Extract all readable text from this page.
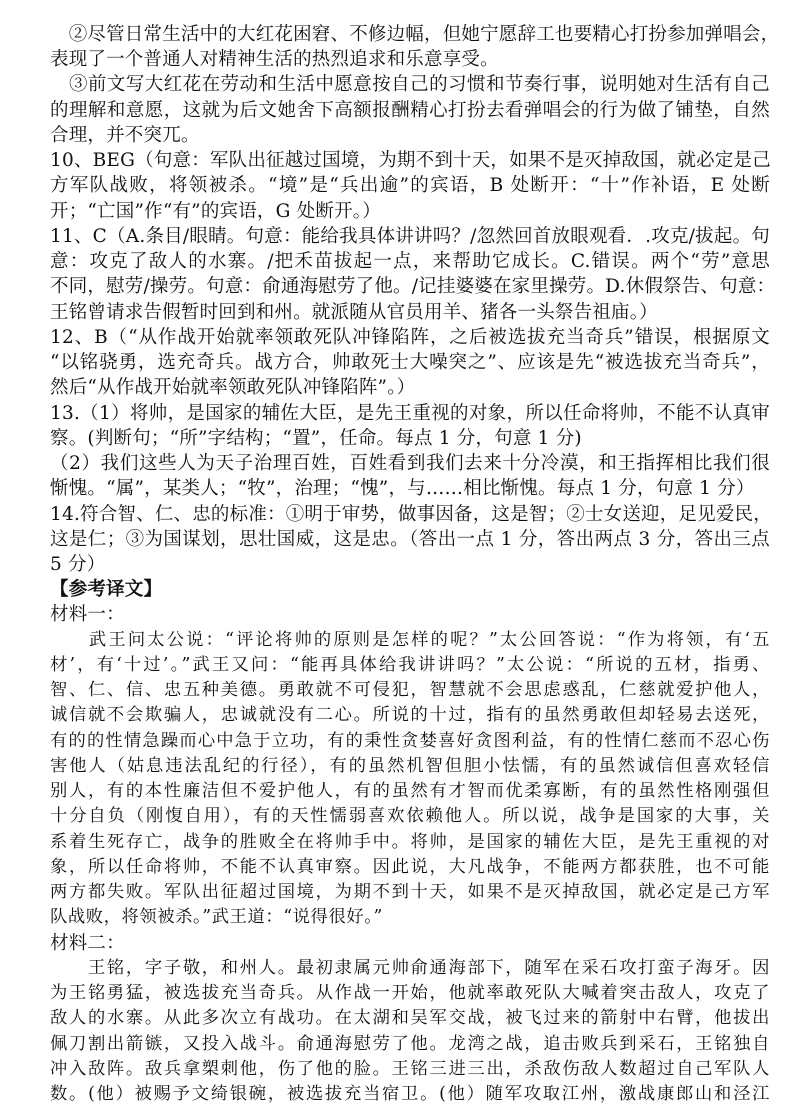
　②尽管日常生活中的大红花困窘、不修边幅，但她宁愿辞工也要精心打扮参加弹唱会，
表现了一个普通人对精神生活的热烈追求和乐意享受。
　③前文写大红花在劳动和生活中愿意按自己的习惯和节奏行事，说明她对生活有自己
的理解和意愿，这就为后文她舍下高额报酬精心打扮去看弹唱会的行为做了铺垫，自然
合理，并不突兀。
10、BEG（句意：军队出征越过国境，为期不到十天，如果不是灭掉敌国，就必定是己
方军队战败，将领被杀。“境”是“兵出逾”的宾语，B 处断开：“十”作补语，E 处断
开；“亡国”作“有”的宾语，G 处断开。）
11、C（A.条目/眼睛。句意：能给我具体讲讲吗？/忽然回首放眼观看．.攻克/拔起。句
意：攻克了敌人的水寨。/把禾苗拔起一点，来帮助它成长。C.错误。两个“劳”意思
不同，慰劳/操劳。句意：俞通海慰劳了他。/记挂婆婆在家里操劳。D.休假祭告、句意：
王铭曾请求告假暂时回到和州。就派随从官员用羊、猪各一头祭告祖庙。）
12、B（“从作战开始就率领敢死队冲锋陷阵，之后被选拔充当奇兵”错误，根据原文
“以铭骁勇，选充奇兵。战方合，帅敢死士大噪突之”、应该是先“被选拔充当奇兵”，
然后“从作战开始就率领敢死队冲锋陷阵”。）
13.（1）将帅，是国家的辅佐大臣，是先王重视的对象，所以任命将帅，不能不认真审
察。(判断句；“所”字结构；“置”，任命。每点 1 分，句意 1 分)
（2）我们这些人为天子治理百姓，百姓看到我们去来十分冷漠，和王指挥相比我们很
惭愧。“属”，某类人；“牧”，治理；“愧”，与……相比惭愧。每点 1 分，句意 1 分）
14.符合智、仁、忠的标准：①明于审势，做事因备，这是智；②士女送迎，足见爱民，
这是仁；③为国谋划，思壮国威，这是忠。（答出一点 1 分，答出两点 3 分，答出三点
5 分）
【参考译文】
材料一：
　　武王问太公说：“评论将帅的原则是怎样的呢？”太公回答说：“作为将领，有‘五
材’，有‘十过’。”武王又问：“能再具体给我讲讲吗？”太公说：“所说的五材，指勇、
智、仁、信、忠五种美德。勇敢就不可侵犯，智慧就不会思虑惑乱，仁慈就爱护他人，
诚信就不会欺骗人，忠诚就没有二心。所说的十过，指有的虽然勇敢但却轻易去送死，
有的的性情急躁而心中急于立功，有的秉性贪婪喜好贪图利益，有的性情仁慈而不忍心伤
害他人（姑息违法乱纪的行径），有的虽然机智但胆小怯懦，有的虽然诚信但喜欢轻信
别人，有的本性廉洁但不爱护他人，有的虽然有才智而优柔寡断，有的虽然性格刚强但
十分自负（刚愎自用），有的天性懦弱喜欢依赖他人。所以说，战争是国家的大事，关
系着生死存亡，战争的胜败全在将帅手中。将帅，是国家的辅佐大臣，是先王重视的对
象，所以任命将帅，不能不认真审察。因此说，大凡战争，不能两方都获胜，也不可能
两方都失败。军队出征超过国境，为期不到十天，如果不是灭掉敌国，就必定是己方军
队战败，将领被杀。”武王道：“说得很好。”
材料二：
　　王铭，字子敬，和州人。最初隶属元帅俞通海部下，随军在采石攻打蛮子海牙。因
为王铭勇猛，被选拔充当奇兵。从作战一开始，他就率敢死队大喊着突击敌人，攻克了
敌人的水寨。从此多次立有战功。在太湖和吴军交战，被飞过来的箭射中右臂，他拔出
佩刀割出箭镞，又投入战斗。俞通海慰劳了他。龙湾之战，追击败兵到采石，王铭独自
冲入敌阵。敌兵拿槊刺他，伤了他的脸。王铭三进三出，杀敌伤敌人数超过自己军队人
数。(他）被赐予文绮银碗，被选拔充当宿卫。(他）随军攻取江州，激战康郎山和泾江
